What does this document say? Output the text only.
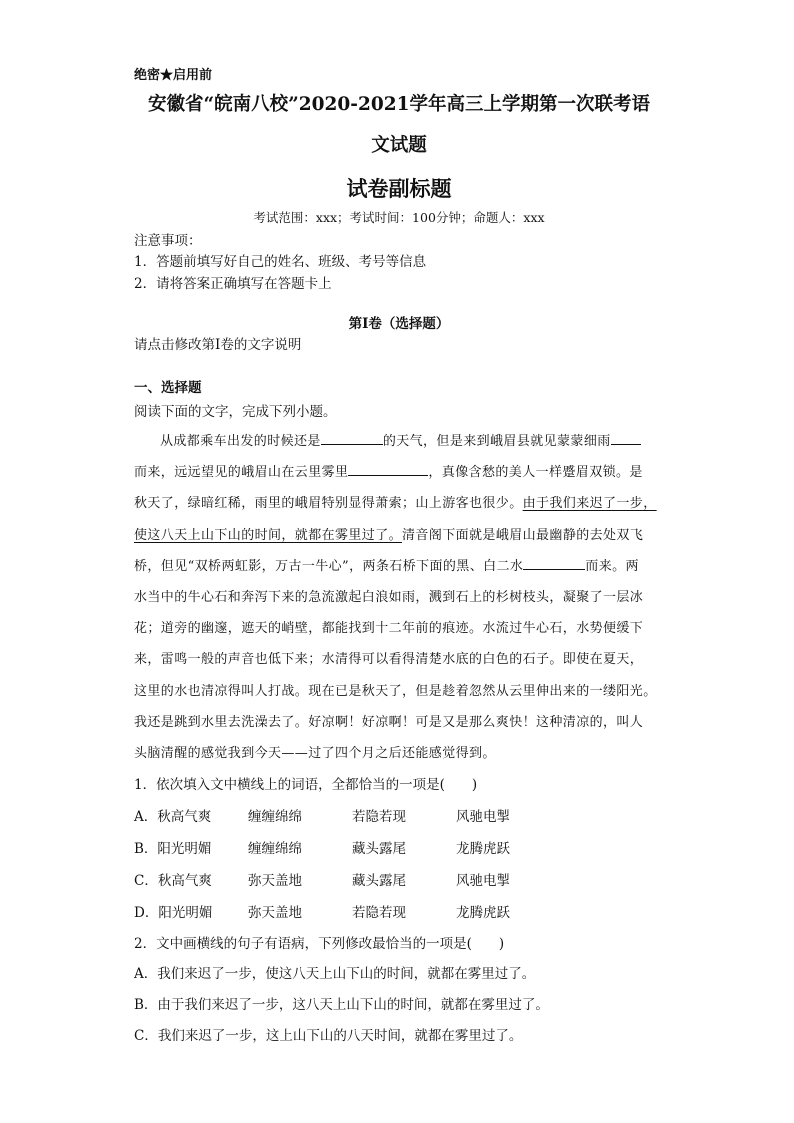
绝密★启用前
安徽省“皖南八校”2020-2021学年高三上学期第一次联考语
文试题
试卷副标题
考试范围：xxx；考试时间：100分钟；命题人：xxx
注意事项：
1．答题前填写好自己的姓名、班级、考号等信息
2．请将答案正确填写在答题卡上
第I卷（选择题）
请点击修改第I卷的文字说明
一、选择题
阅读下面的文字，完成下列小题。
从成都乘车出发的时候还是	的天气，但是来到峨眉县就见蒙蒙细雨
而来，远远望见的峨眉山在云里雾里	，真像含愁的美人一样蹙眉双锁。是
秋天了，绿暗红稀，雨里的峨眉特别显得萧索；山上游客也很少。由于我们来迟了一步，
使这八天上山下山的时间，就都在雾里过了。清音阁下面就是峨眉山最幽静的去处双飞
桥，但见“双桥两虹影，万古一牛心”，两条石桥下面的黑、白二水	而来。两
水当中的牛心石和奔泻下来的急流激起白浪如雨，溅到石上的杉树枝头，凝聚了一层冰
花；道旁的幽邃，遮天的峭壁，都能找到十二年前的痕迹。水流过牛心石，水势便缓下
来，雷鸣一般的声音也低下来；水清得可以看得清楚水底的白色的石子。即使在夏天，
这里的水也清凉得叫人打战。现在已是秋天了，但是趁着忽然从云里伸出来的一缕阳光。
我还是跳到水里去洗澡去了。好凉啊！好凉啊！可是又是那么爽快！这种清凉的，叫人
头脑清醒的感觉我到今天——过了四个月之后还能感觉得到。
1．依次填入文中横线上的词语，全都恰当的一项是(　　)
A．秋高气爽	缠缠绵绵	若隐若现	风驰电掣
B．阳光明媚	缠缠绵绵	藏头露尾	龙腾虎跃
C．秋高气爽	弥天盖地	藏头露尾	风驰电掣
D．阳光明媚	弥天盖地	若隐若现	龙腾虎跃
2．文中画横线的句子有语病，下列修改最恰当的一项是(　　)
A．我们来迟了一步，使这八天上山下山的时间，就都在雾里过了。
B．由于我们来迟了一步，这八天上山下山的时间，就都在雾里过了。
C．我们来迟了一步，这上山下山的八天时间，就都在雾里过了。
